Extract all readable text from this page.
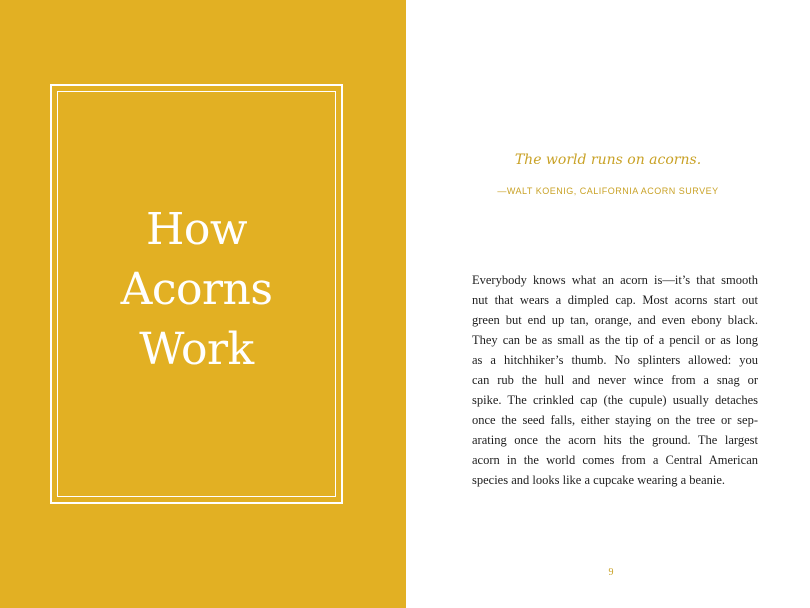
How
Acorns
Work
The world runs on acorns.
—WALT KOENIG, CALIFORNIA ACORN SURVEY
Everybody knows what an acorn is—it’s that smooth
nut that wears a dimpled cap. Most acorns start out
green but end up tan, orange, and even ebony black.
They can be as small as the tip of a pencil or as long
as a hitchhiker’s thumb. No splinters allowed: you
can rub the hull and never wince from a snag or
spike. The crinkled cap (the cupule) usually detaches
once the seed falls, either staying on the tree or sep-
arating once the acorn hits the ground. The largest
acorn in the world comes from a Central American
species and looks like a cupcake wearing a beanie.
9
